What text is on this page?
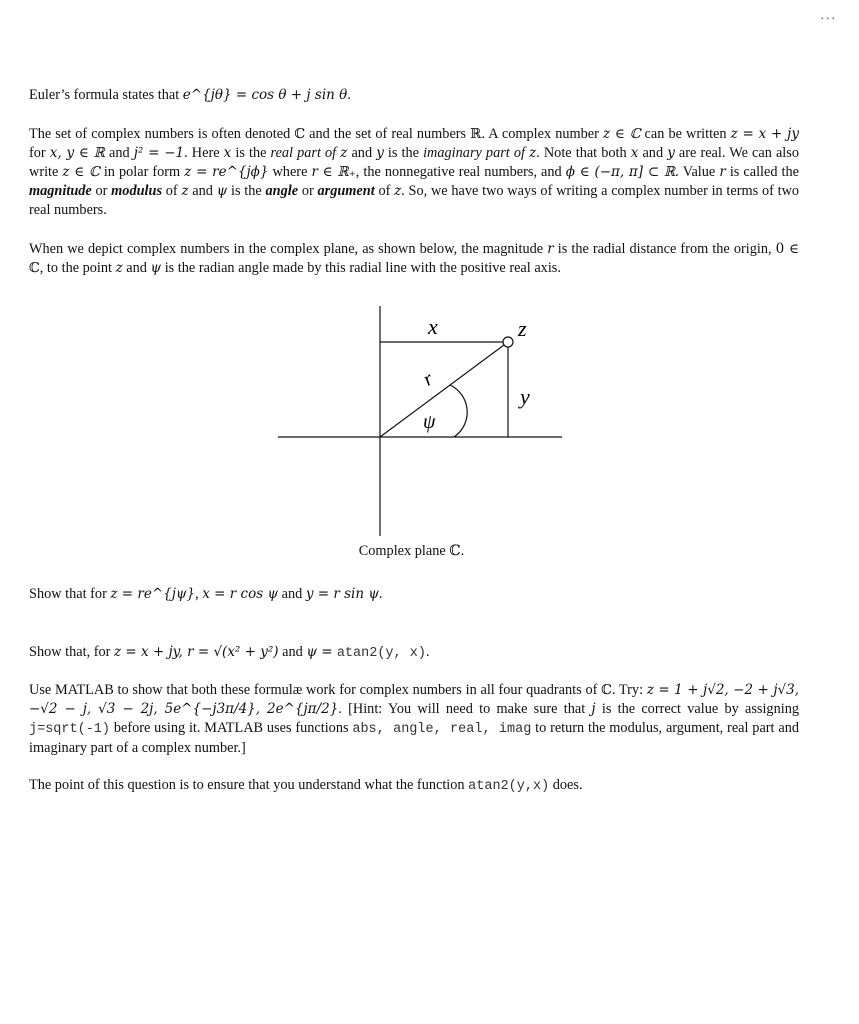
...

Euler’s formula states that e^{jθ} = cos θ + j sin θ.

The set of complex numbers is often denoted ℂ and the set of real numbers ℝ. A complex number z ∈ ℂ can be written z = x + jy for x, y ∈ ℝ and j² = −1. Here x is the real part of z and y is the imaginary part of z. Note that both x and y are real. We can also write z ∈ ℂ in polar form z = re^{jϕ} where r ∈ ℝ₊, the nonnegative real numbers, and ϕ ∈ (−π, π] ⊂ ℝ. Value r is called the magnitude or modulus of z and ψ is the angle or argument of z. So, we have two ways of writing a complex number in terms of two real numbers.

When we depict complex numbers in the complex plane, as shown below, the magnitude r is the radial distance from the origin, 0 ∈ ℂ, to the point z and ψ is the radian angle made by this radial line with the positive real axis.

x	z
r
y
ψ
Complex plane ℂ.

Show that for z = re^{jψ}, x = r cos ψ and y = r sin ψ.

Show that, for z = x + jy, r = √(x² + y²) and ψ = atan2(y, x).

Use MATLAB to show that both these formulæ work for complex numbers in all four quadrants of ℂ. Try: z = 1 + j√2, −2 + j√3, −√2 − j, √3 − 2j, 5e^{−j3π/4}, 2e^{jπ/2}. [Hint: You will need to make sure that j is the correct value by assigning j=sqrt(-1) before using it. MATLAB uses functions abs, angle, real, imag to return the modulus, argument, real part and imaginary part of a complex number.]

The point of this question is to ensure that you understand what the function atan2(y,x) does.
